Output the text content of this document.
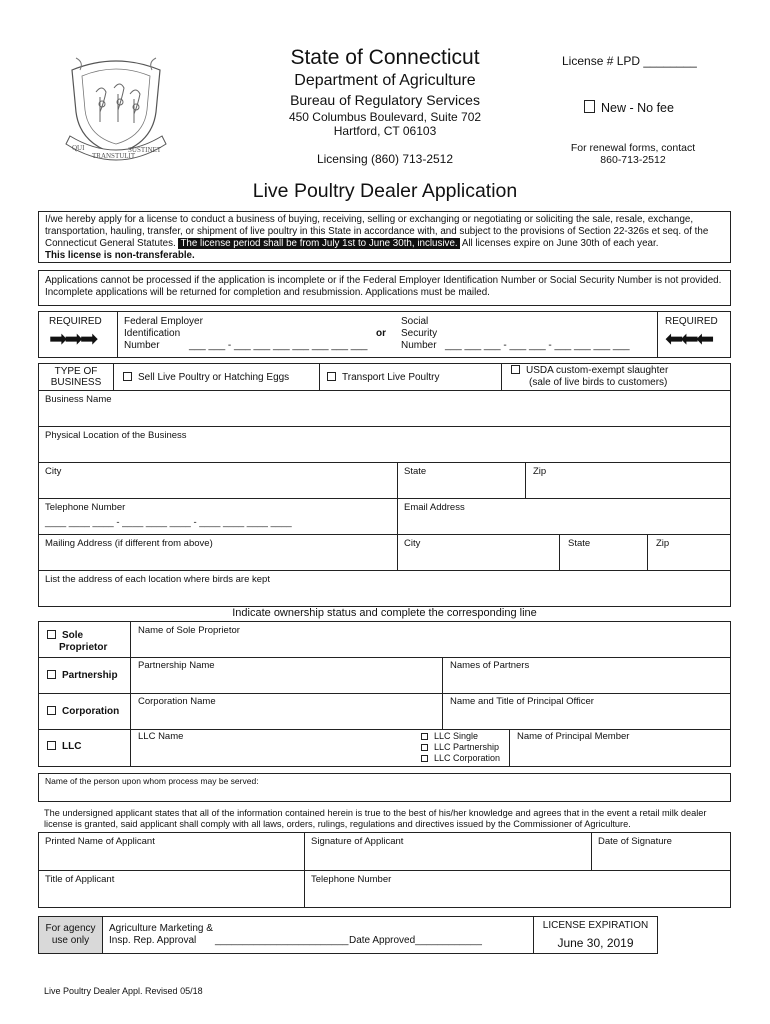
QUI
TRANSTULIT
SUSTINET
State of Connecticut
Department of Agriculture
Bureau of Regulatory Services
450 Columbus Boulevard, Suite 702
Hartford, CT 06103
Licensing (860) 713-2512
License # LPD ________
New - No fee
For renewal forms, contact
860-713-2512
Live Poultry Dealer Application
I/we hereby apply for a license to conduct a business of buying, receiving, selling or exchanging or negotiating or soliciting the sale, resale, exchange, transportation, hauling, transfer, or shipment of live poultry in this State in accordance with, and subject to the provisions of Section 22-326s et seq. of the Connecticut General Statutes. The license period shall be from July 1st to June 30th, inclusive. All licenses expire on June 30th of each year.
This license is non-transferable.
Applications cannot be processed if the application is incomplete or if the Federal Employer Identification Number or Social Security Number is not provided. Incomplete applications will be returned for completion and resubmission. Applications must be mailed.
REQUIRED
➡➡➡
Federal Employer
Identification
Number	___ ___ - ___ ___ ___ ___ ___ ___ ___
or
Social
Security
Number ___ ___ ___ - ___ ___ - ___ ___ ___ ___
REQUIRED
⬅⬅⬅
TYPE OF
BUSINESS	Sell Live Poultry or Hatching Eggs	Transport Live Poultry
USDA custom-exempt slaughter
(sale of live birds to customers)
Business Name
Physical Location of the Business
City	State	Zip
Telephone Number
____ ____ ____ - ____ ____ ____ - ____ ____ ____ ____
Email Address
Mailing Address (if different from above)	City	State	Zip
List the address of each location where birds are kept
Indicate ownership status and complete the corresponding line
Sole
Proprietor
Name of Sole Proprietor
Partnership
Partnership Name	Names of Partners
Corporation
Corporation Name	Name and Title of Principal Officer
LLC
LLC Name	LLC Single
LLC Partnership
LLC Corporation
Name of Principal Member
Name of the person upon whom process may be served:
The undersigned applicant states that all of the information contained herein is true to the best of his/her knowledge and agrees that in the event a retail milk dealer license is granted, said applicant shall comply with all laws, orders, rulings, regulations and directives issued by the Commissioner of Agriculture.
Printed Name of Applicant	Signature of Applicant	Date of Signature
Title of Applicant	Telephone Number
For agency
use only
Agriculture Marketing &
Insp. Rep. Approval ________________________ Date Approved____________
LICENSE EXPIRATION
June 30, 2019
Live Poultry Dealer Appl. Revised 05/18
